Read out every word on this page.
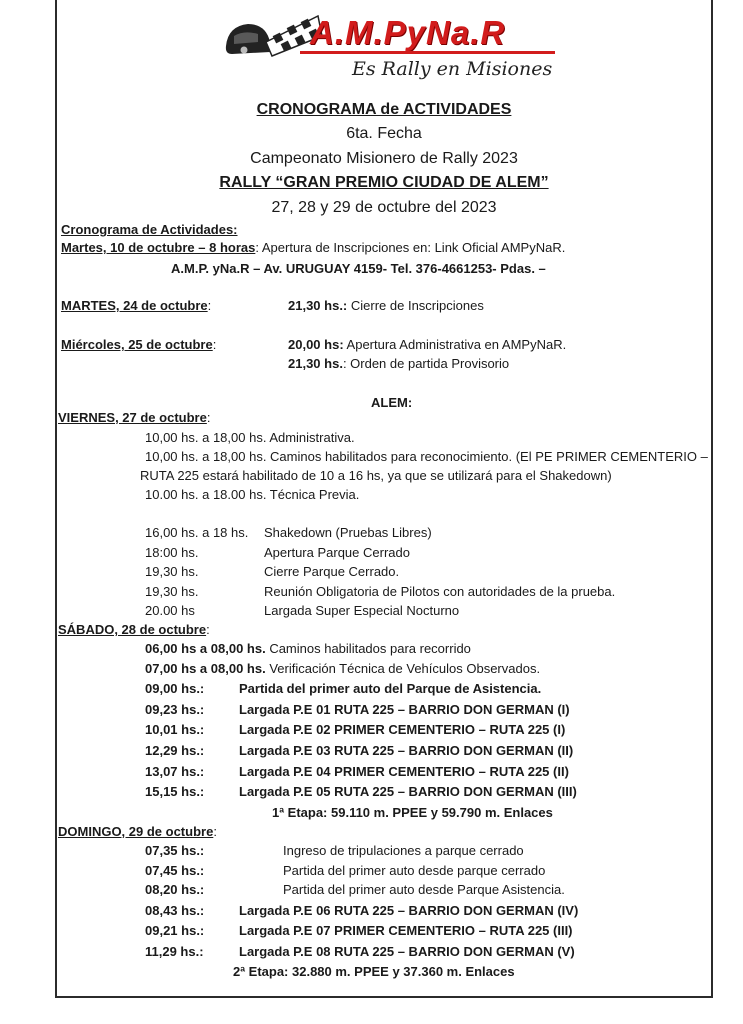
A.M.PyNa.R
Es Rally en Misiones
CRONOGRAMA de ACTIVIDADES
6ta. Fecha
Campeonato Misionero de Rally 2023
RALLY “GRAN PREMIO CIUDAD DE ALEM”
27, 28 y 29 de octubre del 2023
Cronograma de Actividades:
Martes, 10 de octubre – 8 horas: Apertura de Inscripciones en: Link Oficial AMPyNaR.
A.M.P. yNa.R – Av. URUGUAY 4159- Tel. 376-4661253- Pdas. –
MARTES, 24 de octubre:	21,30 hs.: Cierre de Inscripciones
Miércoles, 25 de octubre:	20,00 hs: Apertura Administrativa en AMPyNaR.
21,30 hs.: Orden de partida Provisorio
ALEM:
VIERNES, 27 de octubre:
10,00 hs. a 18,00 hs. Administrativa.
10,00 hs. a 18,00 hs. Caminos habilitados para reconocimiento. (El PE PRIMER CEMENTERIO –
RUTA 225 estará habilitado de 10 a 16 hs, ya que se utilizará para el Shakedown)
10.00 hs. a 18.00 hs. Técnica Previa.
16,00 hs. a 18 hs. Shakedown (Pruebas Libres)
18:00 hs.	Apertura Parque Cerrado
19,30 hs.	Cierre Parque Cerrado.
19,30 hs.	Reunión Obligatoria de Pilotos con autoridades de la prueba.
20.00 hs	Largada Super Especial Nocturno
SÁBADO, 28 de octubre:
06,00 hs a 08,00 hs. Caminos habilitados para recorrido
07,00 hs a 08,00 hs. Verificación Técnica de Vehículos Observados.
09,00 hs.:	Partida del primer auto del Parque de Asistencia.
09,23 hs.:	Largada P.E 01 RUTA 225 – BARRIO DON GERMAN (I)
10,01 hs.:	Largada P.E 02 PRIMER CEMENTERIO – RUTA 225 (I)
12,29 hs.:	Largada P.E 03 RUTA 225 – BARRIO DON GERMAN (II)
13,07 hs.:	Largada P.E 04 PRIMER CEMENTERIO – RUTA 225 (II)
15,15 hs.:	Largada P.E 05 RUTA 225 – BARRIO DON GERMAN (III)
1ª Etapa: 59.110 m. PPEE y 59.790 m. Enlaces
DOMINGO, 29 de octubre:
07,35 hs.:	Ingreso de tripulaciones a parque cerrado
07,45 hs.:	Partida del primer auto desde parque cerrado
08,20 hs.:	Partida del primer auto desde Parque Asistencia.
08,43 hs.:	Largada P.E 06 RUTA 225 – BARRIO DON GERMAN (IV)
09,21 hs.:	Largada P.E 07 PRIMER CEMENTERIO – RUTA 225 (III)
11,29 hs.:	Largada P.E 08 RUTA 225 – BARRIO DON GERMAN (V)
2ª Etapa: 32.880 m. PPEE y 37.360 m. Enlaces
